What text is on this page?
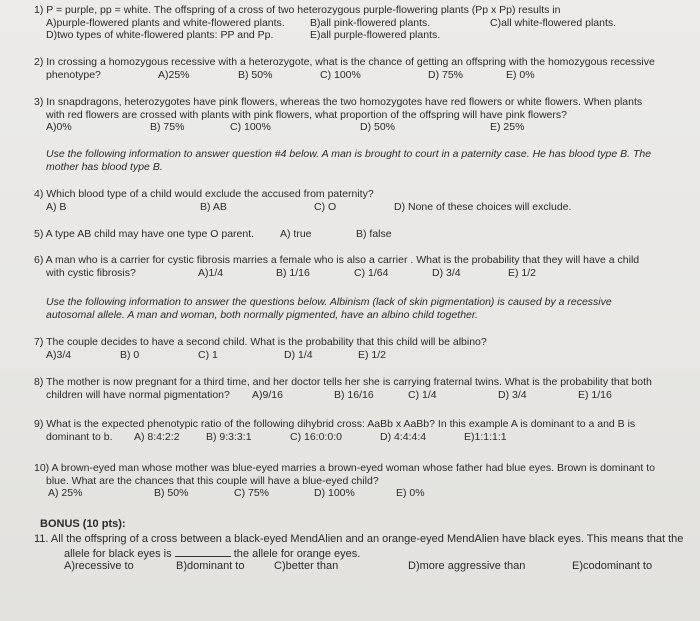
1) P = purple, pp = white. The offspring of a cross of two heterozygous purple-flowering plants (Pp x Pp) results in
A)purple-flowered plants and white-flowered plants. B)all pink-flowered plants.	C)all white-flowered plants.
D)two types of white-flowered plants: PP and Pp.	E)all purple-flowered plants.
2) In crossing a homozygous recessive with a heterozygote, what is the chance of getting an offspring with the homozygous recessive
phenotype?	A)25%	B) 50%	C) 100%	D) 75%	E) 0%
3) In snapdragons, heterozygotes have pink flowers, whereas the two homozygotes have red flowers or white flowers. When plants
with red flowers are crossed with plants with pink flowers, what proportion of the offspring will have pink flowers?
A)0%	B) 75%	C) 100%	D) 50%	E) 25%
Use the following information to answer question #4 below. A man is brought to court in a paternity case. He has blood type B. The
mother has blood type B.
4) Which blood type of a child would exclude the accused from paternity?
A) B	B) AB	C) O	D) None of these choices will exclude.
5) A type AB child may have one type O parent. A) true	B) false
6) A man who is a carrier for cystic fibrosis marries a female who is also a carrier . What is the probability that they will have a child
with cystic fibrosis?	A)1/4	B) 1/16	C) 1/64	D) 3/4	E) 1/2
Use the following information to answer the questions below. Albinism (lack of skin pigmentation) is caused by a recessive
autosomal allele. A man and woman, both normally pigmented, have an albino child together.
7) The couple decides to have a second child. What is the probability that this child will be albino?
A)3/4	B) 0	C) 1	D) 1/4	E) 1/2
8) The mother is now pregnant for a third time, and her doctor tells her she is carrying fraternal twins. What is the probability that both
children will have normal pigmentation? A)9/16	B) 16/16	C) 1/4	D) 3/4	E) 1/16
9) What is the expected phenotypic ratio of the following dihybrid cross: AaBb x AaBb? In this example A is dominant to a and B is
dominant to b. A) 8:4:2:2	B) 9:3:3:1	C) 16:0:0:0	D) 4:4:4:4	E)1:1:1:1
10) A brown-eyed man whose mother was blue-eyed marries a brown-eyed woman whose father had blue eyes. Brown is dominant to
blue. What are the chances that this couple will have a blue-eyed child?
A) 25%	B) 50%	C) 75%	D) 100%	E) 0%
BONUS (10 pts):
11. All the offspring of a cross between a black-eyed MendAlien and an orange-eyed MendAlien have black eyes. This means that the
allele for black eyes is	the allele for orange eyes.
A)recessive to	B)dominant to	C)better than	D)more aggressive than	E)codominant to
